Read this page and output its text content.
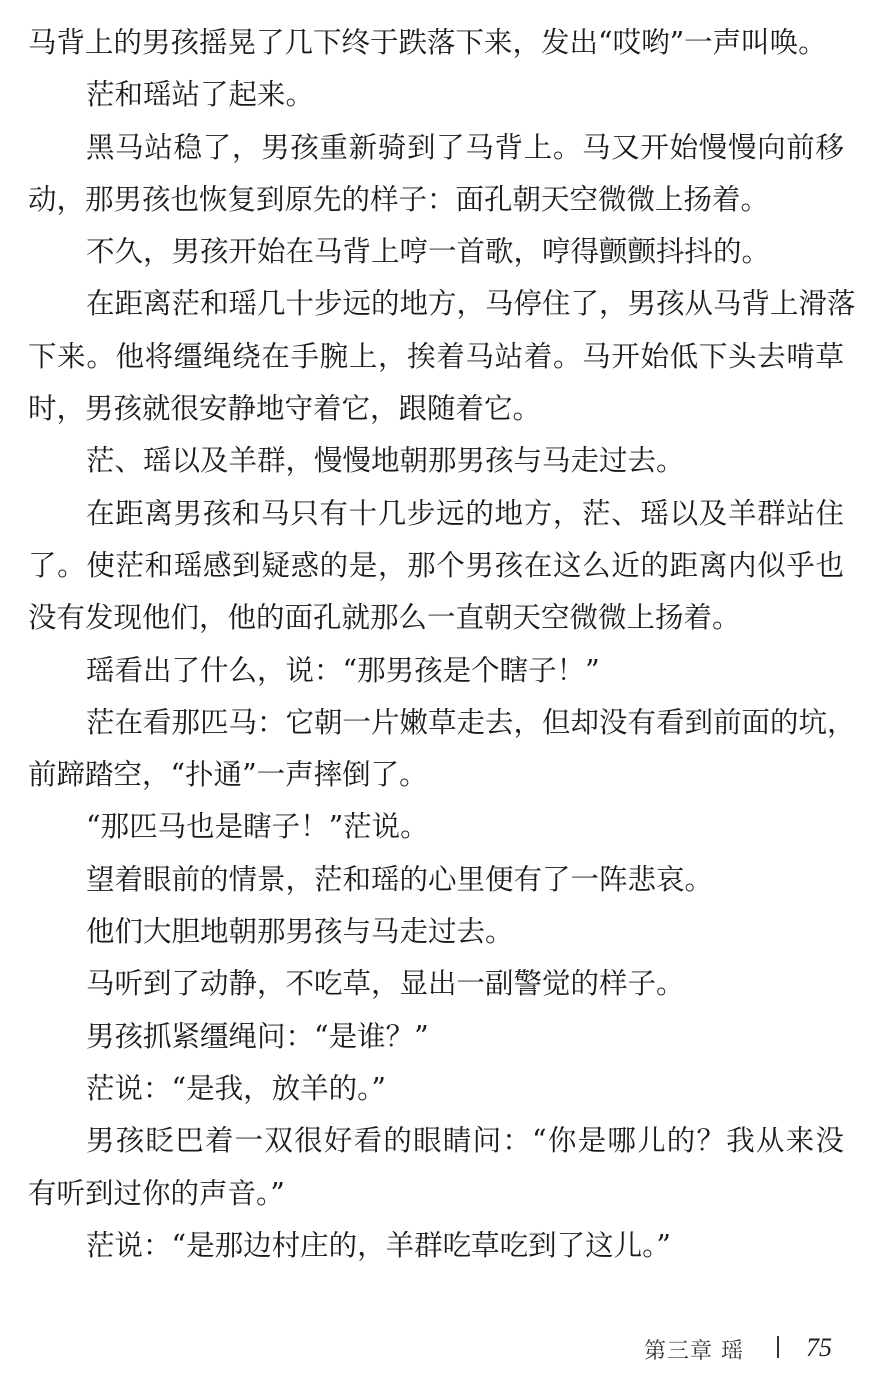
马背上的男孩摇晃了几下终于跌落下来，发出“哎哟”一声叫唤。
茫和瑶站了起来。
黑马站稳了，男孩重新骑到了马背上。马又开始慢慢向前移
动，那男孩也恢复到原先的样子：面孔朝天空微微上扬着。
不久，男孩开始在马背上哼一首歌，哼得颤颤抖抖的。
在距离茫和瑶几十步远的地方，马停住了，男孩从马背上滑落
下来。他将缰绳绕在手腕上，挨着马站着。马开始低下头去啃草
时，男孩就很安静地守着它，跟随着它。
茫、瑶以及羊群，慢慢地朝那男孩与马走过去。
在距离男孩和马只有十几步远的地方，茫、瑶以及羊群站住
了。使茫和瑶感到疑惑的是，那个男孩在这么近的距离内似乎也
没有发现他们，他的面孔就那么一直朝天空微微上扬着。
瑶看出了什么，说：“那男孩是个瞎子！”
茫在看那匹马：它朝一片嫩草走去，但却没有看到前面的坑，
前蹄踏空，“扑通”一声摔倒了。
“那匹马也是瞎子！”茫说。
望着眼前的情景，茫和瑶的心里便有了一阵悲哀。
他们大胆地朝那男孩与马走过去。
马听到了动静，不吃草，显出一副警觉的样子。
男孩抓紧缰绳问：“是谁？”
茫说：“是我，放羊的。”
男孩眨巴着一双很好看的眼睛问：“你是哪儿的？我从来没
有听到过你的声音。”
茫说：“是那边村庄的，羊群吃草吃到了这儿。”
第三章 瑶 75
